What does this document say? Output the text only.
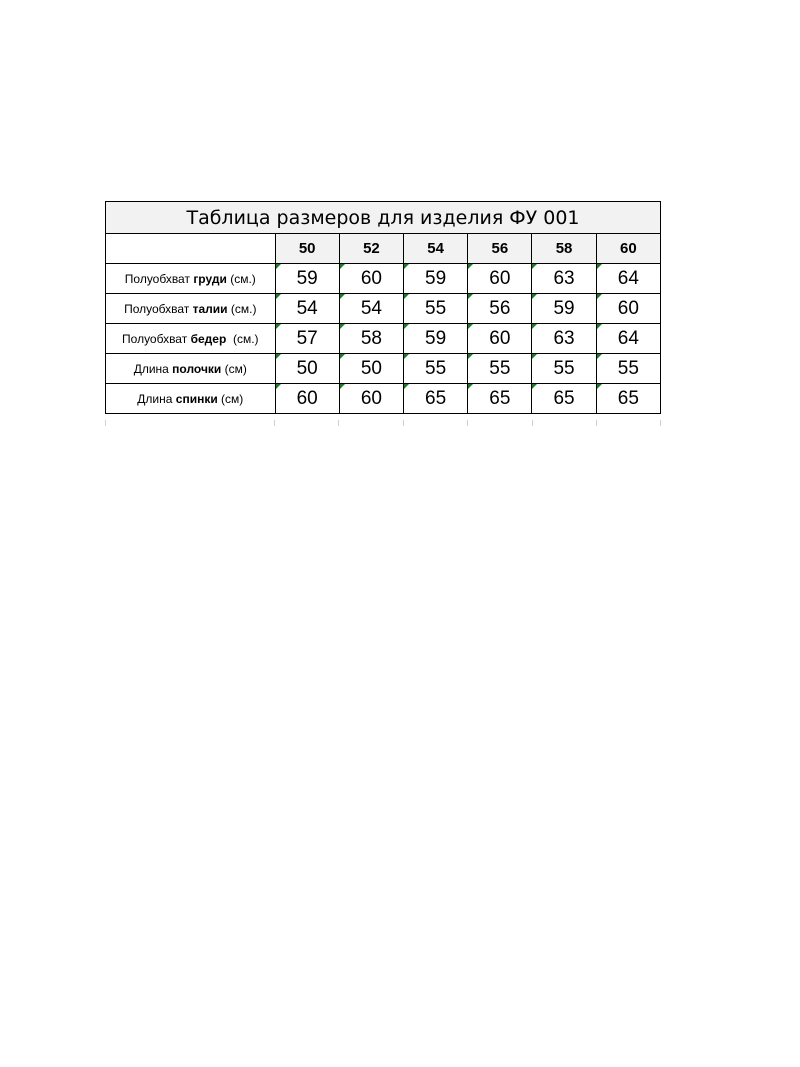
Таблица размеров для изделия ФУ 001						
	50	52	54	56	58	60
Полуобхват груди (см.)	59	60	59	60	63	64
Полуобхват талии (см.)	54	54	55	56	59	60
Полуобхват бедер  (см.)	57	58	59	60	63	64
Длина полочки (см)	50	50	55	55	55	55
Длина спинки (см)	60	60	65	65	65	65
